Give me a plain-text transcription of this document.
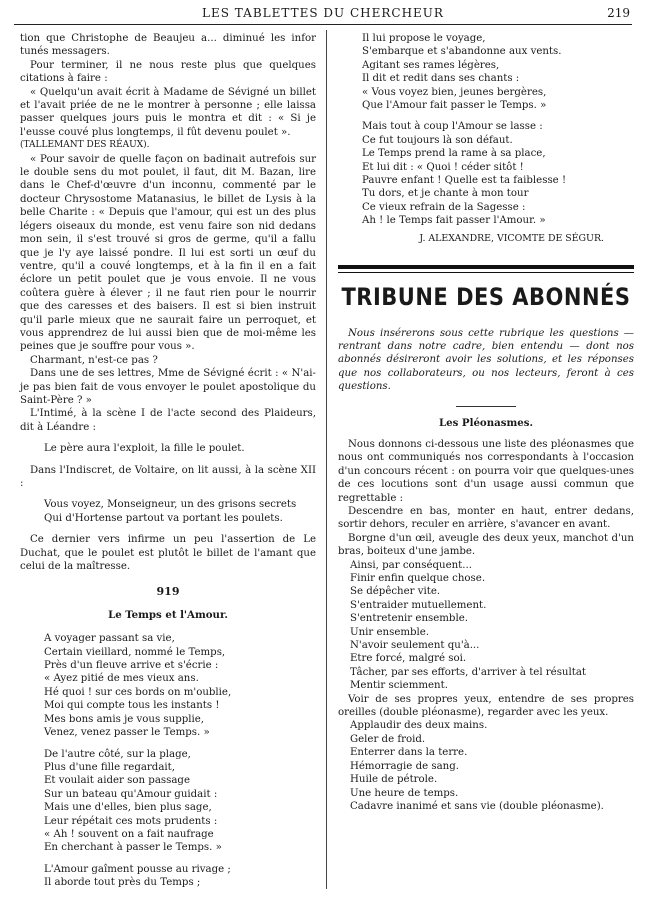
LES TABLETTES DU CHERCHEUR	219

tion que Christophe de Beaujeu a... diminué les infor tunés messagers.

Pour terminer, il ne nous reste plus que quelques citations à faire :

« Quelqu'un avait écrit à Madame de Sévigné un billet et l'avait priée de ne le montrer à personne ; elle laissa passer quelques jours puis le montra et dit : « Si je l'eusse couvé plus longtemps, il fût devenu poulet ».

(TALLEMANT DES RÉAUX).

« Pour savoir de quelle façon on badinait autrefois sur le double sens du mot poulet, il faut, dit M. Bazan, lire dans le Chef-d'œuvre d'un inconnu, commenté par le docteur Chrysostome Matanasius, le billet de Lysis à la belle Charite : « Depuis que l'amour, qui est un des plus légers oiseaux du monde, est venu faire son nid dedans mon sein, il s'est trouvé si gros de germe, qu'il a fallu que je l'y aye laissé pondre. Il lui est sorti un œuf du ventre, qu'il a couvé longtemps, et à la fin il en a fait éclore un petit poulet que je vous envoie. Il ne vous coûtera guère à élever ; il ne faut rien pour le nourrir que des caresses et des baisers. Il est si bien instruit qu'il parle mieux que ne saurait faire un perroquet, et vous apprendrez de lui aussi bien que de moi-même les peines que je souffre pour vous ».

Charmant, n'est-ce pas ?

Dans une de ses lettres, Mme de Sévigné écrit : « N'ai-je pas bien fait de vous envoyer le poulet apostolique du Saint-Père ? »

L'Intimé, à la scène I de l'acte second des Plaideurs, dit à Léandre :

Le père aura l'exploit, la fille le poulet.

Dans l'Indiscret, de Voltaire, on lit aussi, à la scène XII :

Vous voyez, Monseigneur, un des grisons secrets
Qui d'Hortense partout va portant les poulets.

Ce dernier vers infirme un peu l'assertion de Le Duchat, que le poulet est plutôt le billet de l'amant que celui de la maîtresse.

919
Le Temps et l'Amour.
A voyager passant sa vie,
Certain vieillard, nommé le Temps,
Près d'un fleuve arrive et s'écrie :
« Ayez pitié de mes vieux ans.
Hé quoi ! sur ces bords on m'oublie,
Moi qui compte tous les instants !
Mes bons amis je vous supplie,
Venez, venez passer le Temps. »
De l'autre côté, sur la plage,
Plus d'une fille regardait,
Et voulait aider son passage
Sur un bateau qu'Amour guidait :
Mais une d'elles, bien plus sage,
Leur répétait ces mots prudents :
« Ah ! souvent on a fait naufrage
En cherchant à passer le Temps. »
L'Amour gaîment pousse au rivage ;
Il aborde tout près du Temps ;
Il lui propose le voyage,
S'embarque et s'abandonne aux vents.
Agitant ses rames légères,
Il dit et redit dans ses chants :
« Vous voyez bien, jeunes bergères,
Que l'Amour fait passer le Temps. »
Mais tout à coup l'Amour se lasse :
Ce fut toujours là son défaut.
Le Temps prend la rame à sa place,
Et lui dit : « Quoi ! céder sitôt !
Pauvre enfant ! Quelle est ta faiblesse !
Tu dors, et je chante à mon tour
Ce vieux refrain de la Sagesse :
Ah ! le Temps fait passer l'Amour. »
J. ALEXANDRE, VICOMTE DE SÉGUR.
TRIBUNE DES ABONNÉS

Nous insérerons sous cette rubrique les questions — rentrant dans notre cadre, bien entendu — dont nos abonnés désireront avoir les solutions, et les réponses que nos collaborateurs, ou nos lecteurs, feront à ces questions.

Les Pléonasmes.

Nous donnons ci-dessous une liste des pléonasmes que nous ont communiqués nos correspondants à l'occasion d'un concours récent : on pourra voir que quelques-unes de ces locutions sont d'un usage aussi commun que regrettable :

Descendre en bas, monter en haut, entrer dedans, sortir dehors, reculer en arrière, s'avancer en avant.

Borgne d'un œil, aveugle des deux yeux, manchot d'un bras, boiteux d'une jambe.

Ainsi, par conséquent...
Finir enfin quelque chose.
Se dépêcher vite.
S'entraider mutuellement.
S'entretenir ensemble.
Unir ensemble.
N'avoir seulement qu'à...
Etre forcé, malgré soi.
Tâcher, par ses efforts, d'arriver à tel résultat
Mentir sciemment.

Voir de ses propres yeux, entendre de ses propres oreilles (double pléonasme), regarder avec les yeux.

Applaudir des deux mains.
Geler de froid.
Enterrer dans la terre.
Hémorragie de sang.
Huile de pétrole.
Une heure de temps.
Cadavre inanimé et sans vie (double pléonasme).
